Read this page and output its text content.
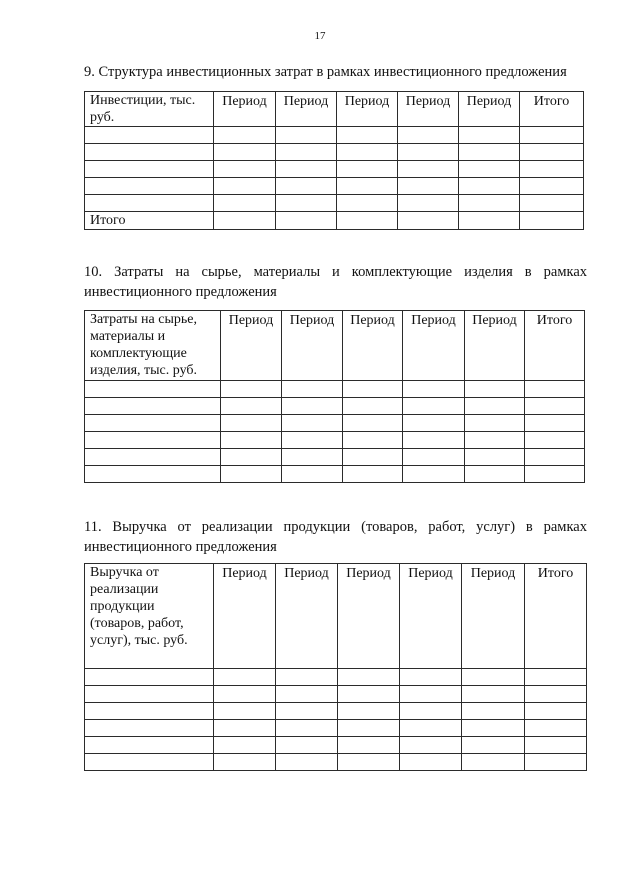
17
9. Структура инвестиционных затрат в рамках инвестиционного предложения
Инвестиции, тыс. руб.	Период	Период	Период	Период	Период	Итого

Итого						
10. Затраты на сырье, материалы и комплектующие изделия в рамках инвестиционного предложения
Затраты на сырье, материалы и комплектующие изделия, тыс. руб.	Период	Период	Период	Период	Период	Итого

11. Выручка от реализации продукции (товаров, работ, услуг) в рамках инвестиционного предложения
Выручка от реализации продукции (товаров, работ, услуг), тыс. руб.	Период	Период	Период	Период	Период	Итого
